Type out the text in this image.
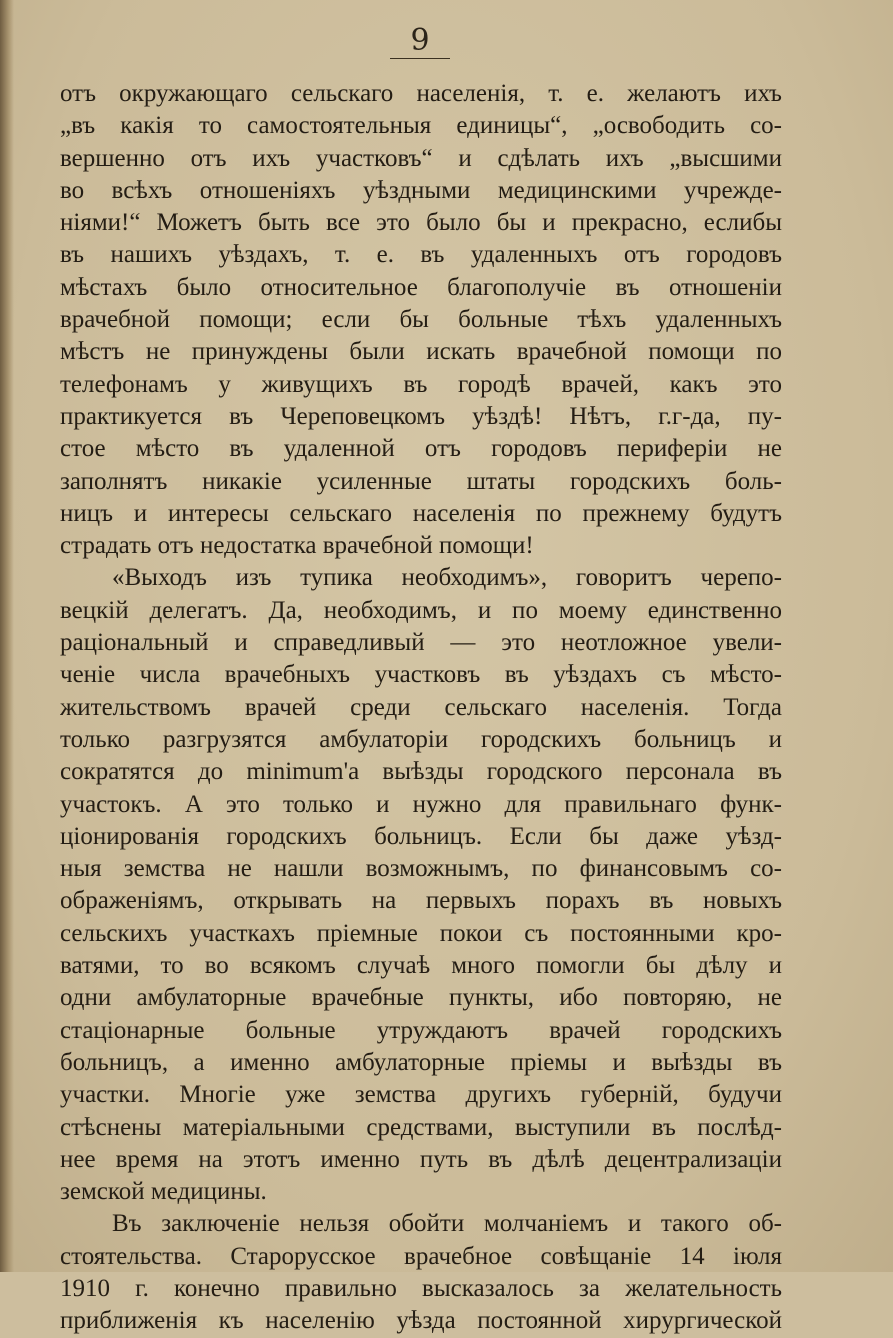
9
отъ окружающаго сельскаго населенія, т. е. желаютъ ихъ
„въ какія то самостоятельныя единицы“, „освободить со-
вершенно отъ ихъ участковъ“ и сдѣлать ихъ „высшими
во всѣхъ отношеніяхъ уѣздными медицинскими учрежде-
ніями!“ Можетъ быть все это было бы и прекрасно, еслибы
въ нашихъ уѣздахъ, т. е. въ удаленныхъ отъ городовъ
мѣстахъ было относительное благополучіе въ отношеніи
врачебной помощи; если бы больные тѣхъ удаленныхъ
мѣстъ не принуждены были искать врачебной помощи по
телефонамъ у живущихъ въ городѣ врачей, какъ это
практикуется въ Череповецкомъ уѣздѣ! Нѣтъ, г.г-да, пу-
стое мѣсто въ удаленной отъ городовъ периферіи не
заполнятъ никакіе усиленные штаты городскихъ боль-
ницъ и интересы сельскаго населенія по прежнему будутъ
страдать отъ недостатка врачебной помощи!
«Выходъ изъ тупика необходимъ», говоритъ черепо-
вецкій делегатъ. Да, необходимъ, и по моему единственно
раціональный и справедливый — это неотложное увели-
ченіе числа врачебныхъ участковъ въ уѣздахъ съ мѣсто-
жительствомъ врачей среди сельскаго населенія. Тогда
только разгрузятся амбулаторіи городскихъ больницъ и
сократятся до minimum'а выѣзды городского персонала въ
участокъ. А это только и нужно для правильнаго функ-
ціонированія городскихъ больницъ. Если бы даже уѣзд-
ныя земства не нашли возможнымъ, по финансовымъ со-
ображеніямъ, открывать на первыхъ порахъ въ новыхъ
сельскихъ участкахъ пріемные покои съ постоянными кро-
ватями, то во всякомъ случаѣ много помогли бы дѣлу и
одни амбулаторные врачебные пункты, ибо повторяю, не
стаціонарные больные утруждаютъ врачей городскихъ
больницъ, а именно амбулаторные пріемы и выѣзды въ
участки. Многіе уже земства другихъ губерній, будучи
стѣснены матеріальными средствами, выступили въ послѣд-
нее время на этотъ именно путь въ дѣлѣ децентрализаціи
земской медицины.
Въ заключеніе нельзя обойти молчаніемъ и такого об-
стоятельства. Старорусское врачебное совѣщаніе 14 іюля
1910 г. конечно правильно высказалось за желательность
приближенія къ населенію уѣзда постоянной хирургической
